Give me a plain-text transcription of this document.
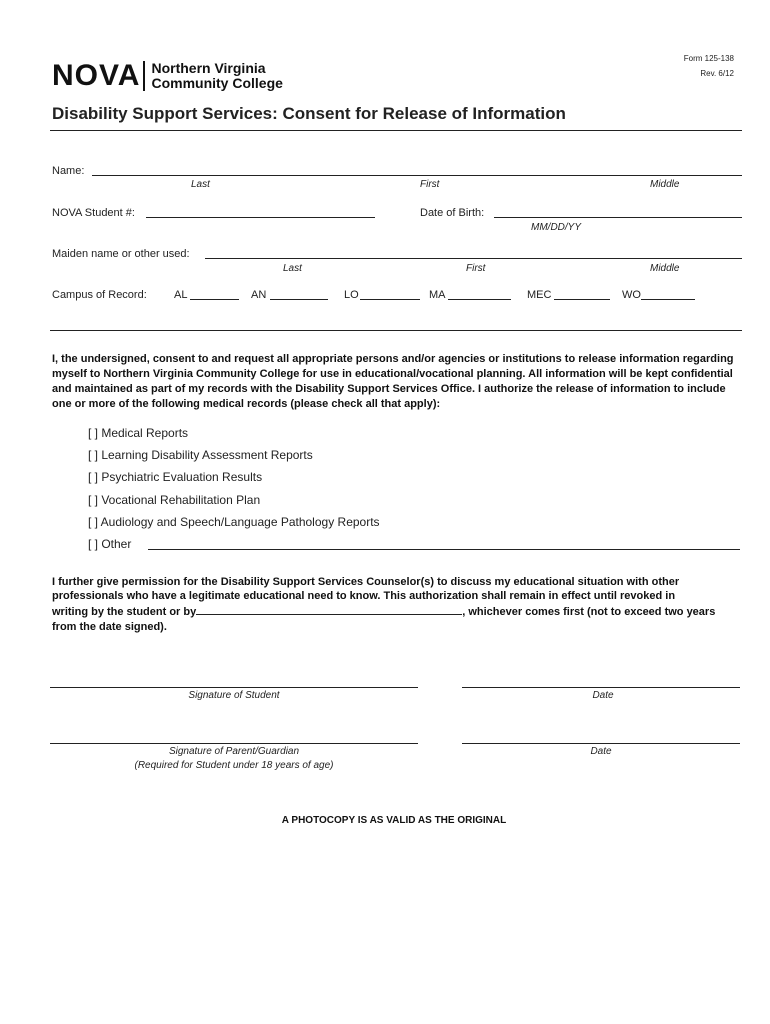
Form 125-138
Rev. 6/12
NOVA Northern Virginia
Community College
Disability Support Services: Consent for Release of Information
Name:
Last	First	Middle
NOVA Student #:	Date of Birth:
MM/DD/YY
Maiden name or other used:
Last	First	Middle
Campus of Record: AL	AN	LO	MA	MEC	WO
I, the undersigned, consent to and request all appropriate persons and/or agencies or institutions to release information regarding myself to Northern Virginia Community College for use in educational/vocational planning. All information will be kept confidential and maintained as part of my records with the Disability Support Services Office. I authorize the release of information to include one or more of the following medical records (please check all that apply):
[ ] Medical Reports
[ ] Learning Disability Assessment Reports
[ ] Psychiatric Evaluation Results
[ ] Vocational Rehabilitation Plan
[ ] Audiology and Speech/Language Pathology Reports
[ ] Other
I further give permission for the Disability Support Services Counselor(s) to discuss my educational situation with other
professionals who have a legitimate educational need to know. This authorization shall remain in effect until revoked in
writing by the student or by	, whichever comes first (not to exceed two years
from the date signed).
Signature of Student	Date
Signature of Parent/Guardian
(Required for Student under 18 years of age)
Date
A PHOTOCOPY IS AS VALID AS THE ORIGINAL
